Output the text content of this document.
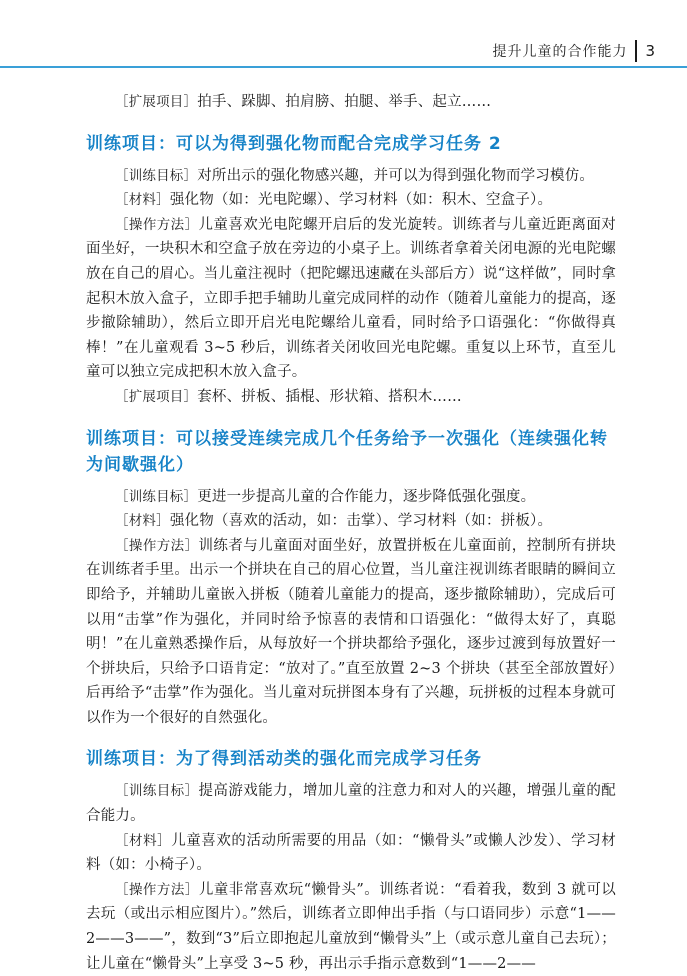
提升儿童的合作能力 3

［扩展项目］拍手、跺脚、拍肩膀、拍腿、举手、起立……

训练项目：可以为得到强化物而配合完成学习任务 2

［训练目标］对所出示的强化物感兴趣，并可以为得到强化物而学习模仿。

［材料］强化物（如：光电陀螺）、学习材料（如：积木、空盒子）。

［操作方法］儿童喜欢光电陀螺开启后的发光旋转。训练者与儿童近距离面对面坐好，一块积木和空盒子放在旁边的小桌子上。训练者拿着关闭电源的光电陀螺放在自己的眉心。当儿童注视时（把陀螺迅速藏在头部后方）说“这样做”，同时拿起积木放入盒子，立即手把手辅助儿童完成同样的动作（随着儿童能力的提高，逐步撤除辅助），然后立即开启光电陀螺给儿童看，同时给予口语强化：“你做得真棒！”在儿童观看 3~5 秒后，训练者关闭收回光电陀螺。重复以上环节，直至儿童可以独立完成把积木放入盒子。

［扩展项目］套杯、拼板、插棍、形状箱、搭积木……

训练项目：可以接受连续完成几个任务给予一次强化（连续强化转为间歇强化）

［训练目标］更进一步提高儿童的合作能力，逐步降低强化强度。

［材料］强化物（喜欢的活动，如：击掌）、学习材料（如：拼板）。

［操作方法］训练者与儿童面对面坐好，放置拼板在儿童面前，控制所有拼块在训练者手里。出示一个拼块在自己的眉心位置，当儿童注视训练者眼睛的瞬间立即给予，并辅助儿童嵌入拼板（随着儿童能力的提高，逐步撤除辅助），完成后可以用“击掌”作为强化，并同时给予惊喜的表情和口语强化：“做得太好了，真聪明！”在儿童熟悉操作后，从每放好一个拼块都给予强化，逐步过渡到每放置好一个拼块后，只给予口语肯定：“放对了。”直至放置 2~3 个拼块（甚至全部放置好）后再给予“击掌”作为强化。当儿童对玩拼图本身有了兴趣，玩拼板的过程本身就可以作为一个很好的自然强化。

训练项目：为了得到活动类的强化而完成学习任务

［训练目标］提高游戏能力，增加儿童的注意力和对人的兴趣，增强儿童的配合能力。

［材料］儿童喜欢的活动所需要的用品（如：“懒骨头”或懒人沙发）、学习材料（如：小椅子）。

［操作方法］儿童非常喜欢玩“懒骨头”。训练者说：“看着我，数到 3 就可以去玩（或出示相应图片）。”然后，训练者立即伸出手指（与口语同步）示意“1——2——3——”，数到“3”后立即抱起儿童放到“懒骨头”上（或示意儿童自己去玩）；让儿童在“懒骨头”上享受 3~5 秒，再出示手指示意数到“1——2——
